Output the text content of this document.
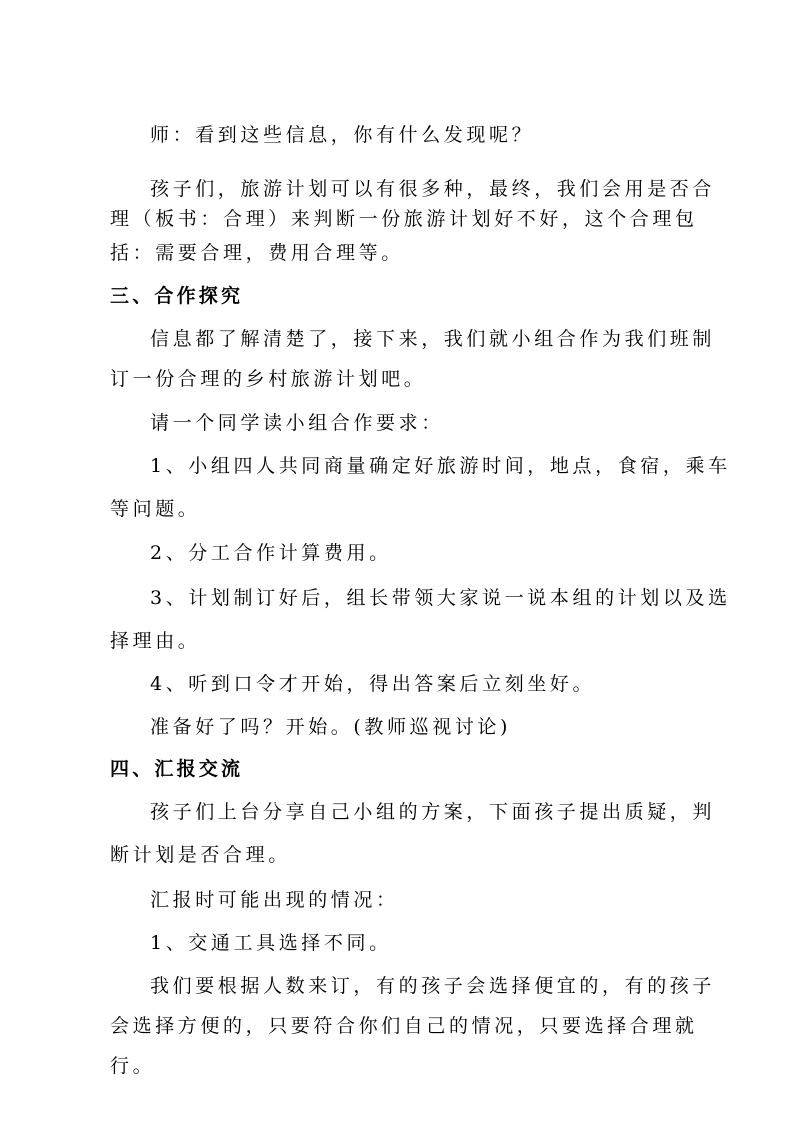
师：看到这些信息，你有什么发现呢？
孩子们，旅游计划可以有很多种，最终，我们会用是否合
理（板书：合理）来判断一份旅游计划好不好，这个合理包
括：需要合理，费用合理等。
三、合作探究
信息都了解清楚了，接下来，我们就小组合作为我们班制
订一份合理的乡村旅游计划吧。
请一个同学读小组合作要求：
1、小组四人共同商量确定好旅游时间，地点，食宿，乘车
等问题。
2、分工合作计算费用。
3、计划制订好后，组长带领大家说一说本组的计划以及选
择理由。
4、听到口令才开始，得出答案后立刻坐好。
准备好了吗？开始。(教师巡视讨论)
四、汇报交流
孩子们上台分享自己小组的方案，下面孩子提出质疑，判
断计划是否合理。
汇报时可能出现的情况：
1、交通工具选择不同。
我们要根据人数来订，有的孩子会选择便宜的，有的孩子
会选择方便的，只要符合你们自己的情况，只要选择合理就
行。
